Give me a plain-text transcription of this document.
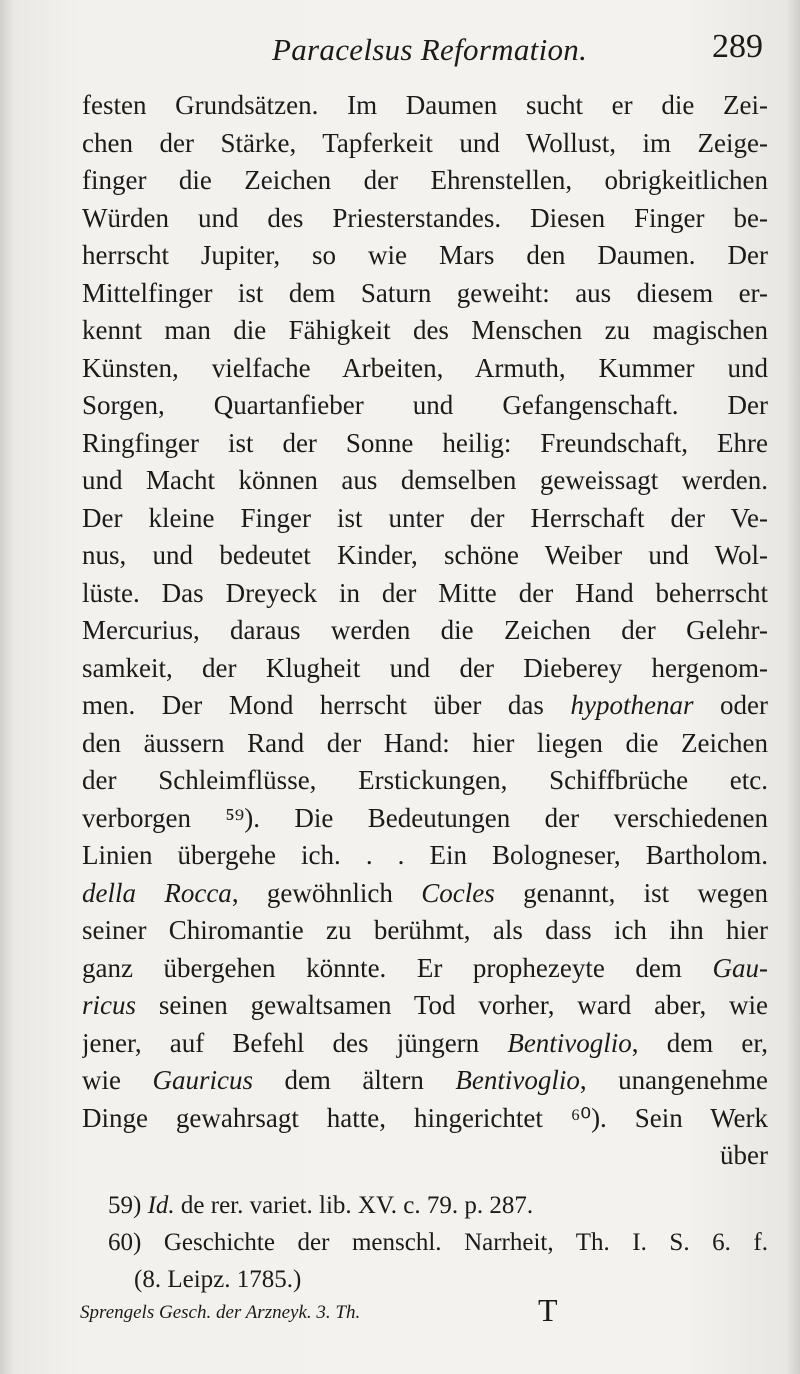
Paracelsus Reformation.	289
festen Grundsätzen. Im Daumen sucht er die Zei-
chen der Stärke, Tapferkeit und Wollust, im Zeige-
finger die Zeichen der Ehrenstellen, obrigkeitlichen
Würden und des Priesterstandes. Diesen Finger be-
herrscht Jupiter, so wie Mars den Daumen. Der
Mittelfinger ist dem Saturn geweiht: aus diesem er-
kennt man die Fähigkeit des Menschen zu magischen
Künsten, vielfache Arbeiten, Armuth, Kummer und
Sorgen, Quartanfieber und Gefangenschaft. Der
Ringfinger ist der Sonne heilig: Freundschaft, Ehre
und Macht können aus demselben geweissagt werden.
Der kleine Finger ist unter der Herrschaft der Ve-
nus, und bedeutet Kinder, schöne Weiber und Wol-
lüste. Das Dreyeck in der Mitte der Hand beherrscht
Mercurius, daraus werden die Zeichen der Gelehr-
samkeit, der Klugheit und der Dieberey hergenom-
men. Der Mond herrscht über das hypothenar oder
den äussern Rand der Hand: hier liegen die Zeichen
der Schleimflüsse, Erstickungen, Schiffbrüche etc.
verborgen ⁵⁹). Die Bedeutungen der verschiedenen
Linien übergehe ich. . . Ein Bologneser, Bartholom.
della Rocca, gewöhnlich Cocles genannt, ist wegen
seiner Chiromantie zu berühmt, als dass ich ihn hier
ganz übergehen könnte. Er prophezeyte dem Gau-
ricus seinen gewaltsamen Tod vorher, ward aber, wie
jener, auf Befehl des jüngern Bentivoglio, dem er,
wie Gauricus dem ältern Bentivoglio, unangenehme
Dinge gewahrsagt hatte, hingerichtet ⁶⁰). Sein Werk
über
59) Id. de rer. variet. lib. XV. c. 79. p. 287.
60) Geschichte der menschl. Narrheit, Th. I. S. 6. f.
(8. Leipz. 1785.)
Sprengels Gesch. der Arzneyk. 3. Th.	T
